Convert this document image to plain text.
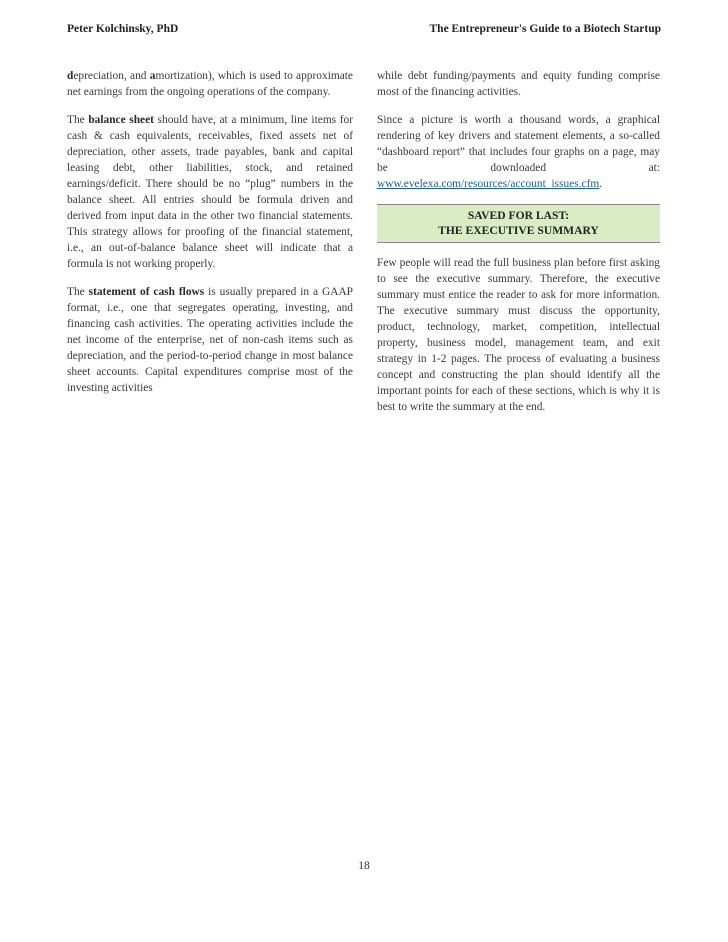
Peter Kolchinsky, PhD	The Entrepreneur's Guide to a Biotech Startup

depreciation, and amortization), which is used to approximate net earnings from the ongoing operations of the company.

The balance sheet should have, at a minimum, line items for cash & cash equivalents, receivables, fixed assets net of depreciation, other assets, trade payables, bank and capital leasing debt, other liabilities, stock, and retained earnings/deficit. There should be no “plug” numbers in the balance sheet. All entries should be formula driven and derived from input data in the other two financial statements. This strategy allows for proofing of the financial statement, i.e., an out-of-balance balance sheet will indicate that a formula is not working properly.

The statement of cash flows is usually prepared in a GAAP format, i.e., one that segregates operating, investing, and financing cash activities. The operating activities include the net income of the enterprise, net of non-cash items such as depreciation, and the period-to-period change in most balance sheet accounts. Capital expenditures comprise most of the investing activities

while debt funding/payments and equity funding comprise most of the financing activities.

Since a picture is worth a thousand words, a graphical rendering of key drivers and statement elements, a so-called “dashboard report” that includes four graphs on a page, may be downloaded at: www.evelexa.com/resources/account_issues.cfm.

SAVED FOR LAST:
THE EXECUTIVE SUMMARY

Few people will read the full business plan before first asking to see the executive summary. Therefore, the executive summary must entice the reader to ask for more information. The executive summary must discuss the opportunity, product, technology, market, competition, intellectual property, business model, management team, and exit strategy in 1-2 pages. The process of evaluating a business concept and constructing the plan should identify all the important points for each of these sections, which is why it is best to write the summary at the end.

18
